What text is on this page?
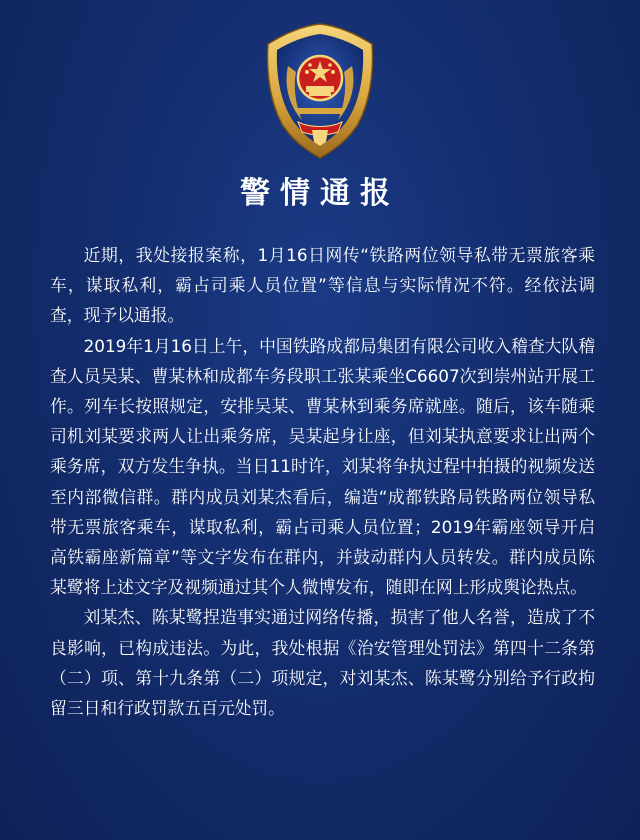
警情通报

近期，我处接报案称，1月16日网传“铁路两位领导私带无票旅客乘车，谋取私利，霸占司乘人员位置”等信息与实际情况不符。经依法调查，现予以通报。

2019年1月16日上午，中国铁路成都局集团有限公司收入稽查大队稽查人员吴某、曹某林和成都车务段职工张某乘坐C6607次到崇州站开展工作。列车长按照规定，安排吴某、曹某林到乘务席就座。随后，该车随乘司机刘某要求两人让出乘务席，吴某起身让座，但刘某执意要求让出两个乘务席，双方发生争执。当日11时许，刘某将争执过程中拍摄的视频发送至内部微信群。群内成员刘某杰看后，编造“成都铁路局铁路两位领导私带无票旅客乘车，谋取私利，霸占司乘人员位置；2019年霸座领导开启高铁霸座新篇章”等文字发布在群内，并鼓动群内人员转发。群内成员陈某鹭将上述文字及视频通过其个人微博发布，随即在网上形成舆论热点。

刘某杰、陈某鹭捏造事实通过网络传播，损害了他人名誉，造成了不良影响，已构成违法。为此，我处根据《治安管理处罚法》第四十二条第（二）项、第十九条第（二）项规定，对刘某杰、陈某鹭分别给予行政拘留三日和行政罚款五百元处罚。
